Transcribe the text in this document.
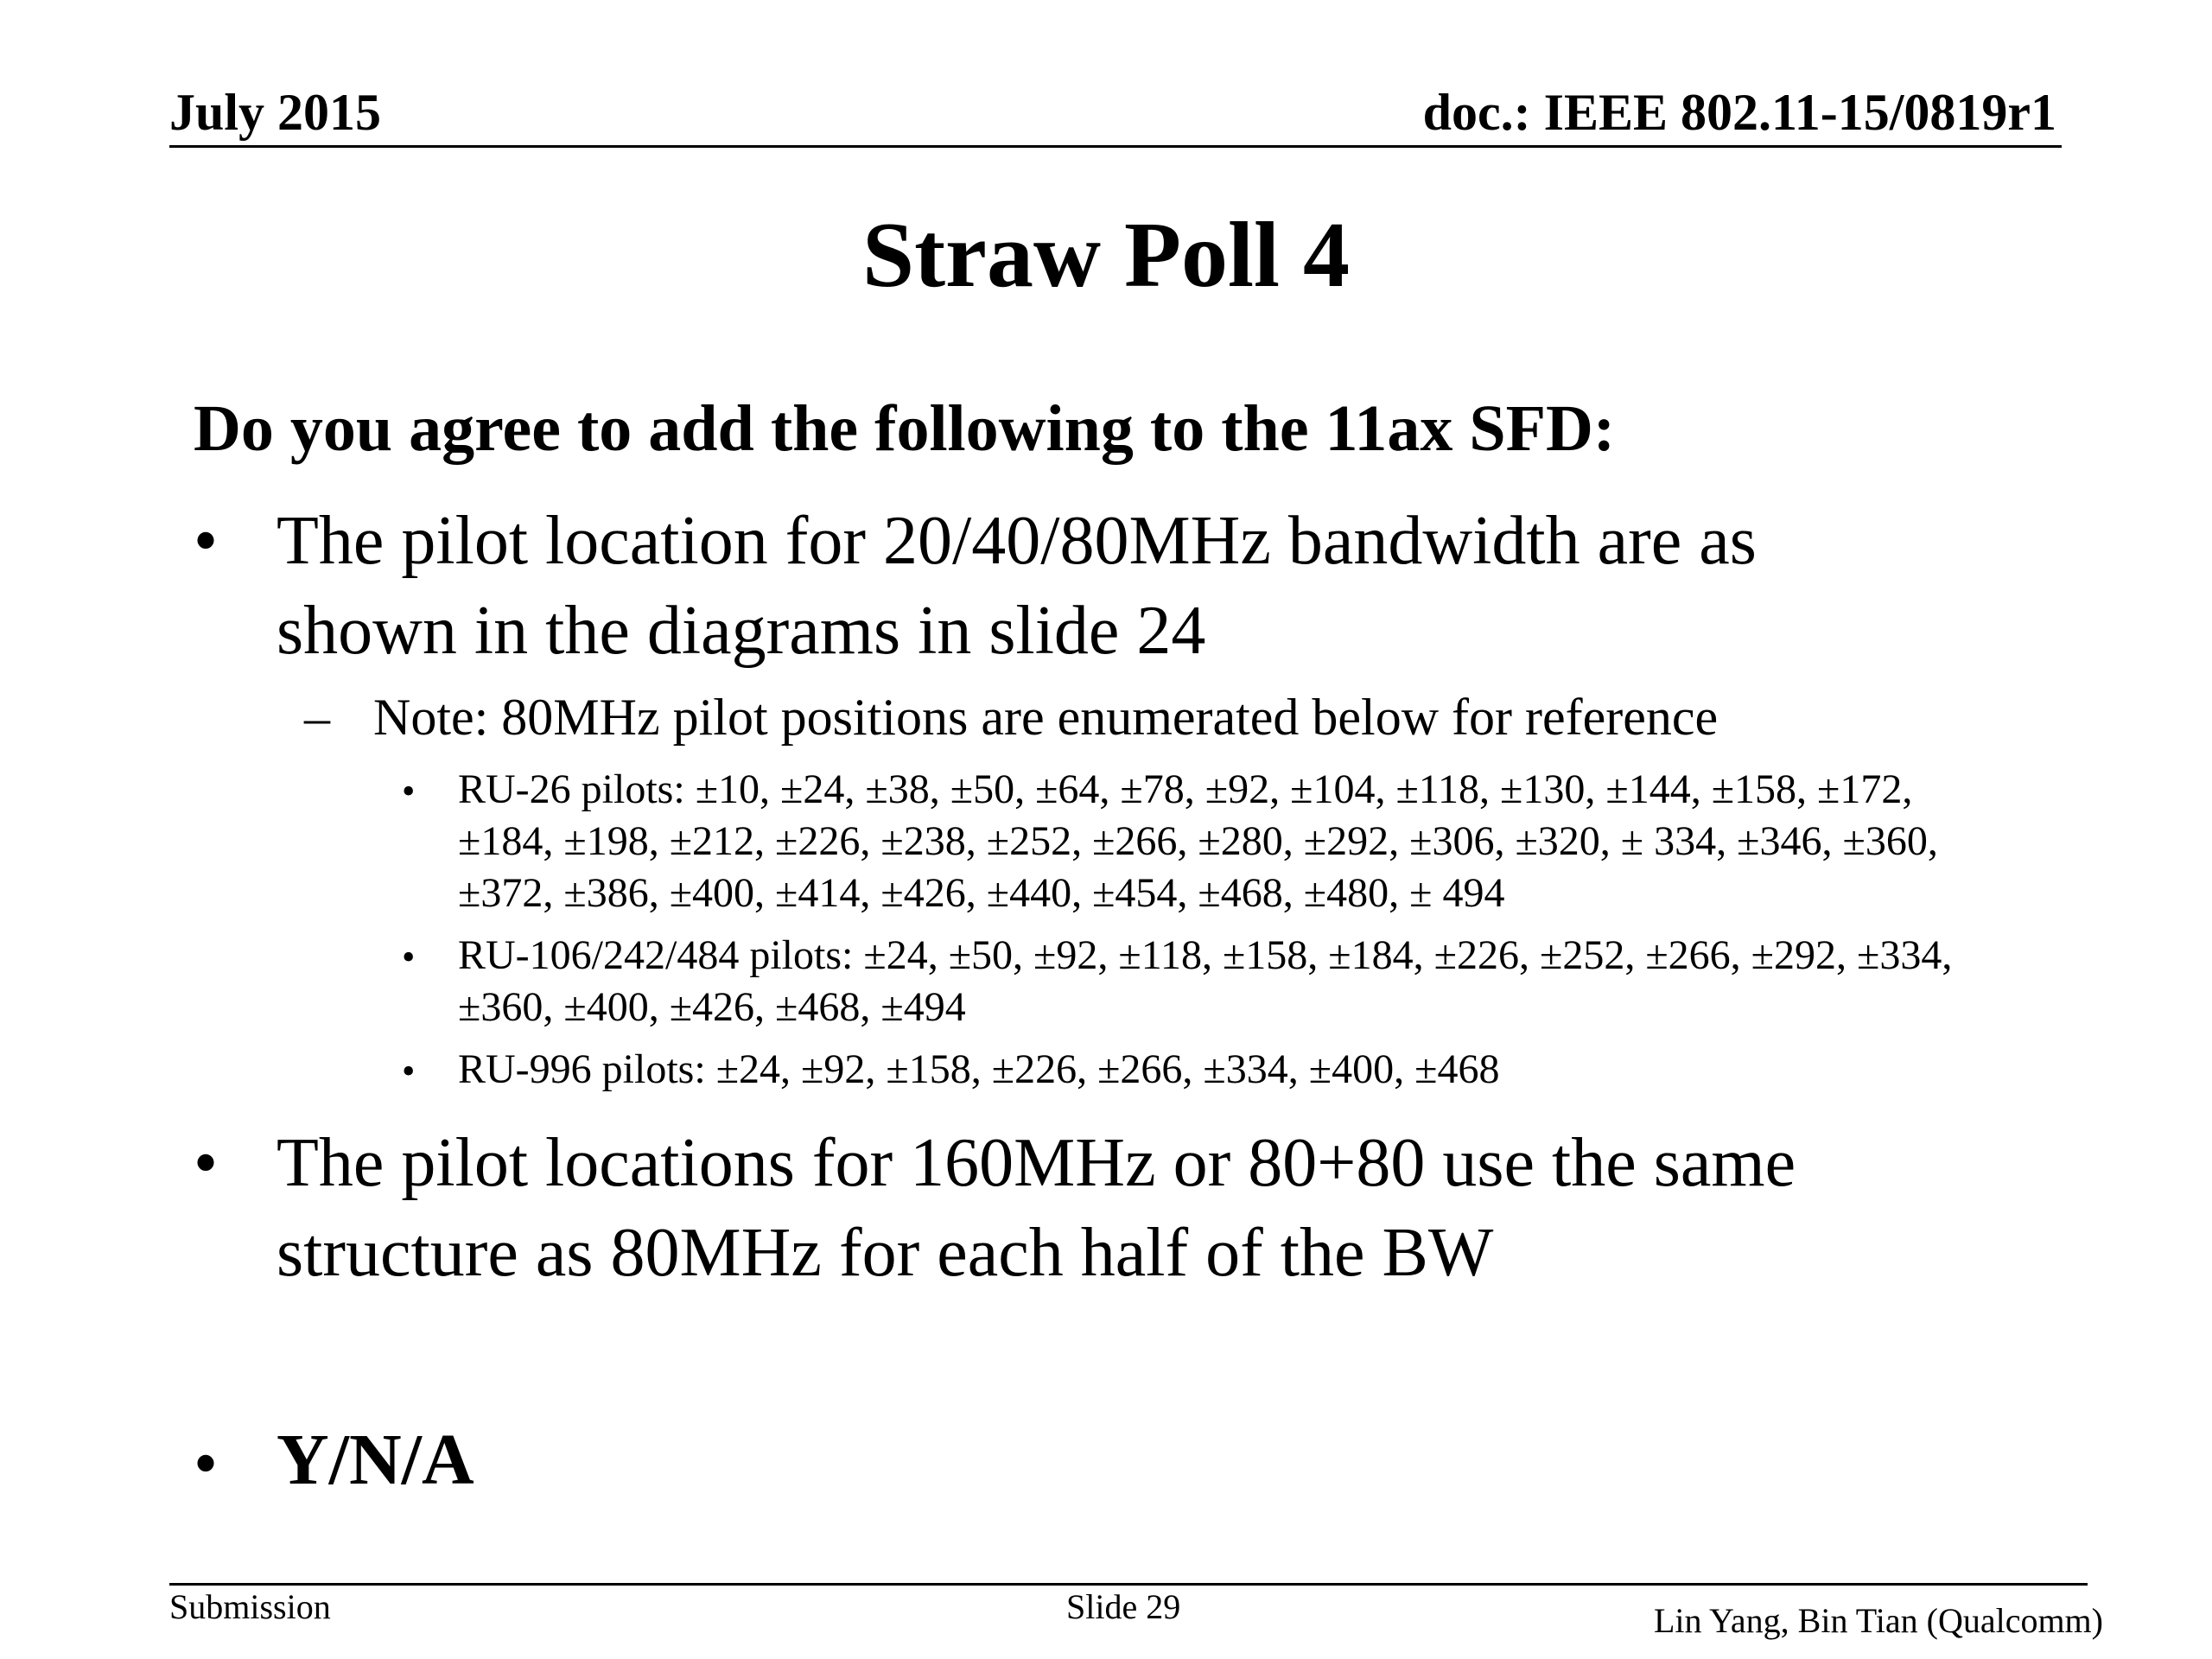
July 2015	doc.: IEEE 802.11-15/0819r1
Straw Poll 4
Do you agree to add the following to the 11ax SFD:
• The pilot location for 20/40/80MHz bandwidth are as
shown in the diagrams in slide 24
– Note: 80MHz pilot positions are enumerated below for reference
• RU-26 pilots: ±10, ±24, ±38, ±50, ±64, ±78, ±92, ±104, ±118, ±130, ±144, ±158, ±172,
±184, ±198, ±212, ±226, ±238, ±252, ±266, ±280, ±292, ±306, ±320, ± 334, ±346, ±360,
±372, ±386, ±400, ±414, ±426, ±440, ±454, ±468, ±480, ± 494
• RU-106/242/484 pilots: ±24, ±50, ±92, ±118, ±158, ±184, ±226, ±252, ±266, ±292, ±334,
±360, ±400, ±426, ±468, ±494
• RU-996 pilots: ±24, ±92, ±158, ±226, ±266, ±334, ±400, ±468
• The pilot locations for 160MHz or 80+80 use the same
structure as 80MHz for each half of the BW
• Y/N/A
Submission	Slide 29	Lin Yang, Bin Tian (Qualcomm)
